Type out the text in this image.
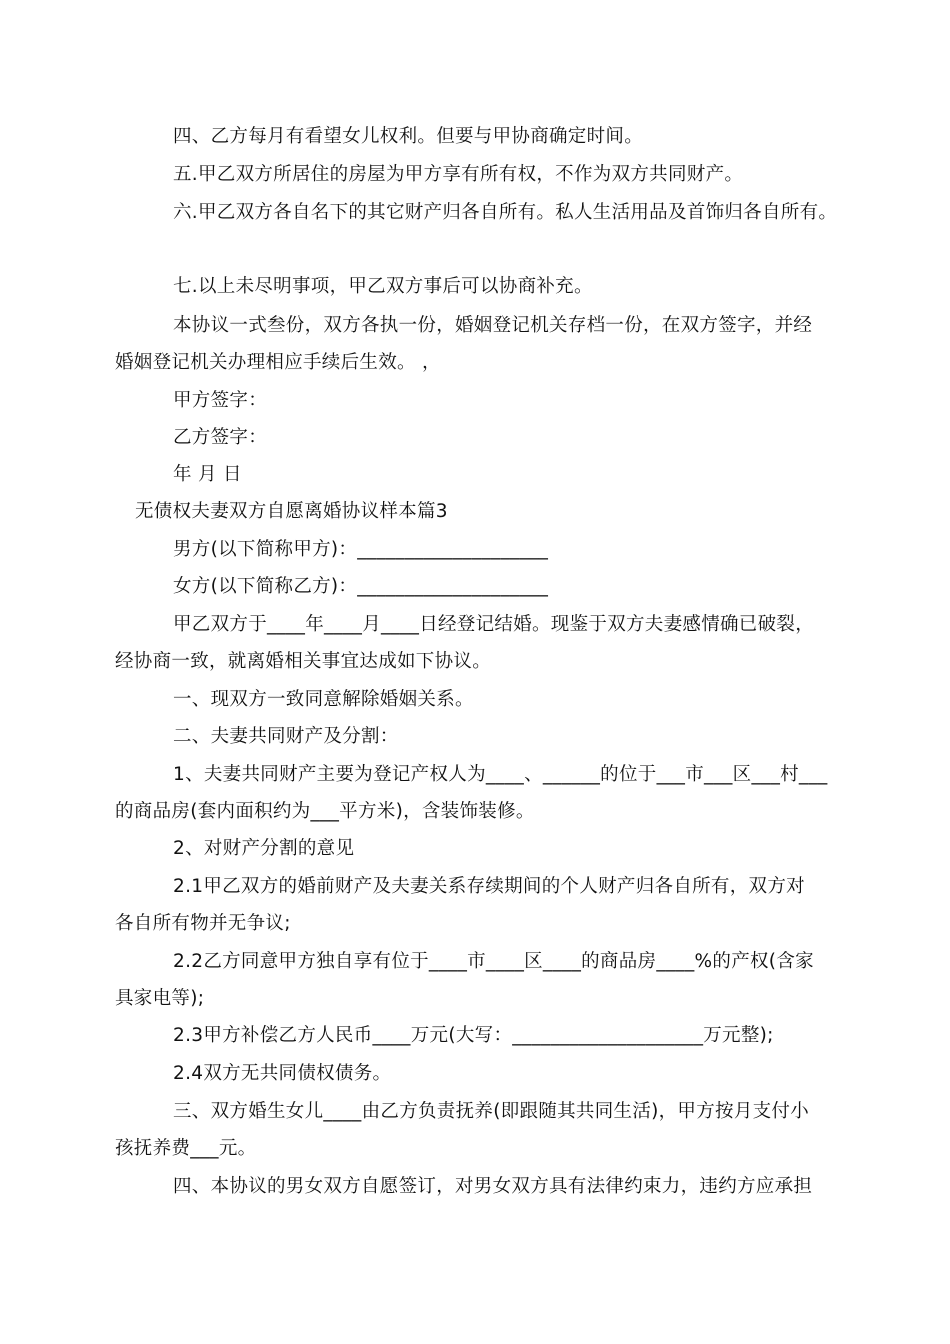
四、乙方每月有看望女儿权利。但要与甲协商确定时间。
五.甲乙双方所居住的房屋为甲方享有所有权，不作为双方共同财产。
六.甲乙双方各自名下的其它财产归各自所有。私人生活用品及首饰归各自所有。
七.以上未尽明事项，甲乙双方事后可以协商补充。
本协议一式叁份，双方各执一份，婚姻登记机关存档一份，在双方签字，并经
婚姻登记机关办理相应手续后生效。 ，
甲方签字：
乙方签字：
年 月 日
无债权夫妻双方自愿离婚协议样本篇3
男方(以下简称甲方)：____________________
女方(以下简称乙方)：____________________
甲乙双方于____年____月____日经登记结婚。现鉴于双方夫妻感情确已破裂，
经协商一致，就离婚相关事宜达成如下协议。
一、现双方一致同意解除婚姻关系。
二、夫妻共同财产及分割：
1、夫妻共同财产主要为登记产权人为____、______的位于___市___区___村___
的商品房(套内面积约为___平方米)，含装饰装修。
2、对财产分割的意见
2.1甲乙双方的婚前财产及夫妻关系存续期间的个人财产归各自所有，双方对
各自所有物并无争议;
2.2乙方同意甲方独自享有位于____市____区____的商品房____%的产权(含家
具家电等);
2.3甲方补偿乙方人民币____万元(大写：____________________万元整);
2.4双方无共同债权债务。
三、双方婚生女儿____由乙方负责抚养(即跟随其共同生活)，甲方按月支付小
孩抚养费___元。
四、本协议的男女双方自愿签订，对男女双方具有法律约束力，违约方应承担
